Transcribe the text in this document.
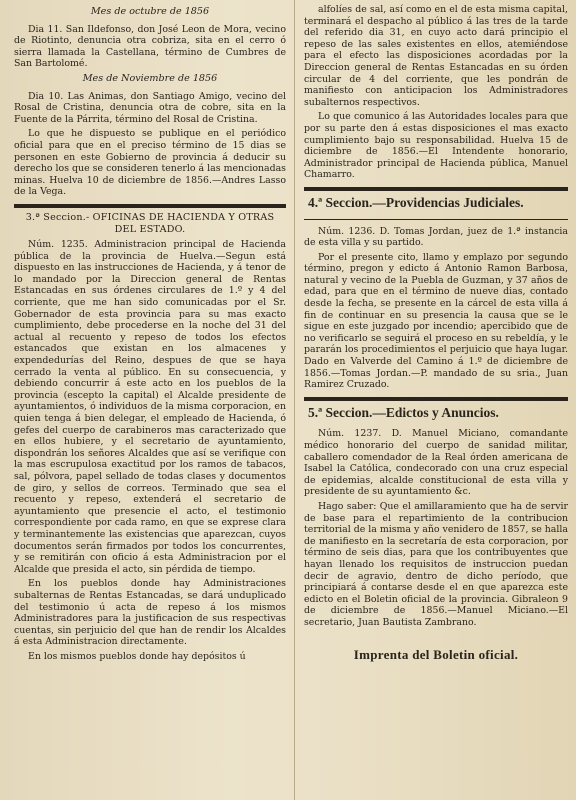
Mes de octubre de 1856

Dia 11. San Ildefonso, don José Leon de Mora, vecino de Riotinto, denuncia otra cobriza, sita en el cerro ó sierra llamada la Castellana, término de Cumbres de San Bartolomé.

Mes de Noviembre de 1856

Dia 10. Las Animas, don Santiago Amigo, vecino del Rosal de Cristina, denuncia otra de cobre, sita en la Fuente de la Párrita, término del Rosal de Cristina.

Lo que he dispuesto se publique en el periódico oficial para que en el preciso término de 15 dias se personen en este Gobierno de provincia á deducir su derecho los que se consideren tenerlo á las mencionadas minas. Huelva 10 de diciembre de 1856.—Andres Lasso de la Vega.

3.ª Seccion.- OFICINAS DE HACIENDA Y OTRAS DEL ESTADO.

Núm. 1235. Administracion principal de Hacienda pública de la provincia de Huelva.—Segun está dispuesto en las instrucciones de Hacienda, y á tenor de lo mandado por la Direccion general de Rentas Estancadas en sus órdenes circulares de 1.º y 4 del corriente, que me han sido comunicadas por el Sr. Gobernador de esta provincia para su mas exacto cumplimiento, debe procederse en la noche del 31 del actual al recuento y repeso de todos los efectos estancados que existan en los almacenes y expendedurías del Reino, despues de que se haya cerrado la venta al público. En su consecuencia, y debiendo concurrir á este acto en los pueblos de la provincia (escepto la capital) el Alcalde presidente de ayuntamientos, ó individuos de la misma corporacion, en quien tenga á bien delegar, el empleado de Hacienda, ó gefes del cuerpo de carabineros mas caracterizado que en ellos hubiere, y el secretario de ayuntamiento, dispondrán los señores Alcaldes que así se verifique con la mas escrupulosa exactitud por los ramos de tabacos, sal, pólvora, papel sellado de todas clases y documentos de giro, y sellos de correos. Terminado que sea el recuento y repeso, extenderá el secretario de ayuntamiento que presencie el acto, el testimonio correspondiente por cada ramo, en que se exprese clara y terminantemente las existencias que aparezcan, cuyos documentos serán firmados por todos los concurrentes, y se remitirán con oficio á esta Administracion por el Alcalde que presida el acto, sin pérdida de tiempo.

En los pueblos donde hay Administraciones subalternas de Rentas Estancadas, se dará unduplicado del testimonio ú acta de repeso á los mismos Administradores para la justificacion de sus respectivas cuentas, sin perjuicio del que han de rendir los Alcaldes á esta Administracion directamente.

En los mismos pueblos donde hay depósitos ú

alfolíes de sal, así como en el de esta misma capital, terminará el despacho al público á las tres de la tarde del referido dia 31, en cuyo acto dará principio el repeso de las sales existentes en ellos, atemiéndose para el efecto las disposiciones acordadas por la Direccion general de Rentas Estancadas en su órden circular de 4 del corriente, que les pondrán de manifiesto con anticipacion los Administradores subalternos respectivos.

Lo que comunico á las Autoridades locales para que por su parte den á estas disposiciones el mas exacto cumplimiento bajo su responsabilidad. Huelva 15 de diciembre de 1856.—El Intendente honorario, Administrador principal de Hacienda pública, Manuel Chamarro.

4.ª Seccion.—Providencias Judiciales.

Núm. 1236. D. Tomas Jordan, juez de 1.ª instancia de esta villa y su partido.

Por el presente cito, llamo y emplazo por segundo término, pregon y edicto á Antonio Ramon Barbosa, natural y vecino de la Puebla de Guzman, y 37 años de edad, para que en el término de nueve dias, contado desde la fecha, se presente en la cárcel de esta villa á fin de continuar en su presencia la causa que se le sigue en este juzgado por incendio; apercibido que de no verificarlo se seguirá el proceso en su rebeldía, y le pararán los procedimientos el perjuicio que haya lugar. Dado en Valverde del Camino á 1.º de diciembre de 1856.—Tomas Jordan.—P. mandado de su sria., Juan Ramirez Cruzado.

5.ª Seccion.—Edictos y Anuncios.

Núm. 1237. D. Manuel Miciano, comandante médico honorario del cuerpo de sanidad militar, caballero comendador de la Real órden americana de Isabel la Católica, condecorado con una cruz especial de epidemias, alcalde constitucional de esta villa y presidente de su ayuntamiento &c.

Hago saber: Que el amillaramiento que ha de servir de base para el repartimiento de la contribucion territorial de la misma y año venidero de 1857, se halla de manifiesto en la secretaría de esta corporacion, por término de seis dias, para que los contribuyentes que hayan llenado los requisitos de instruccion puedan decir de agravio, dentro de dicho período, que principiará á contarse desde el en que aparezca este edicto en el Boletin oficial de la provincia. Gibraleon 9 de diciembre de 1856.—Manuel Miciano.—El secretario, Juan Bautista Zambrano.

Imprenta del Boletin oficial.
